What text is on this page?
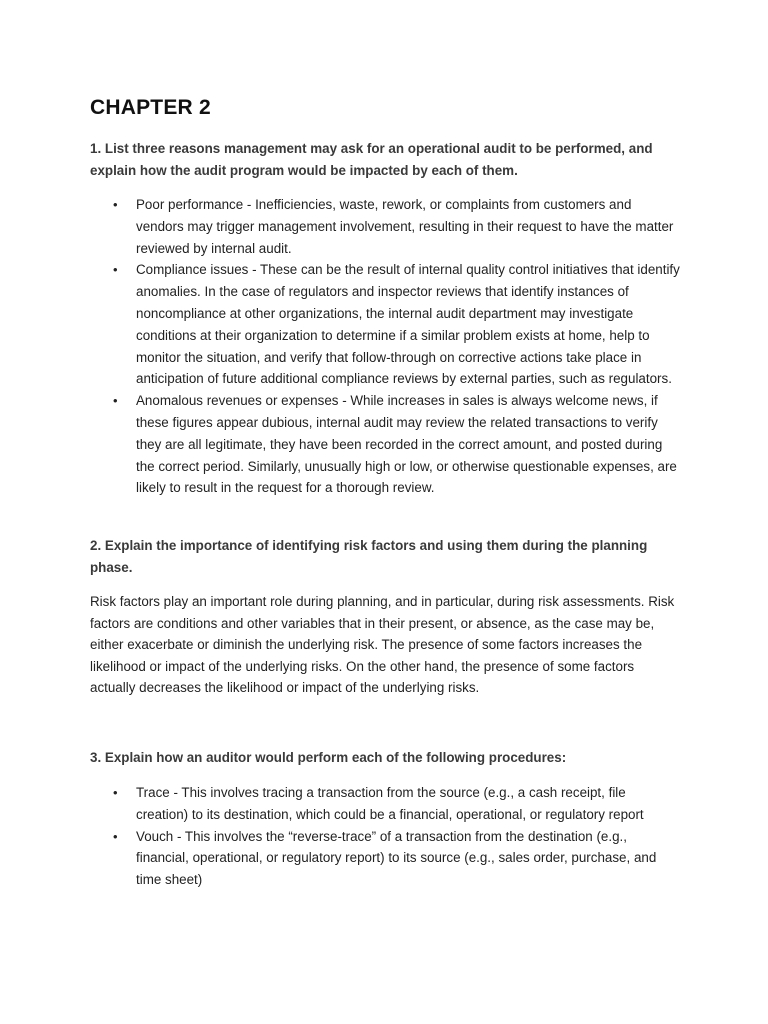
CHAPTER 2

1. List three reasons management may ask for an operational audit to be performed, and explain how the audit program would be impacted by each of them.

• Poor performance - Inefficiencies, waste, rework, or complaints from customers and vendors may trigger management involvement, resulting in their request to have the matter reviewed by internal audit.
• Compliance issues - These can be the result of internal quality control initiatives that identify anomalies. In the case of regulators and inspector reviews that identify instances of noncompliance at other organizations, the internal audit department may investigate conditions at their organization to determine if a similar problem exists at home, help to monitor the situation, and verify that follow-through on corrective actions take place in anticipation of future additional compliance reviews by external parties, such as regulators.
• Anomalous revenues or expenses - While increases in sales is always welcome news, if these figures appear dubious, internal audit may review the related transactions to verify they are all legitimate, they have been recorded in the correct amount, and posted during the correct period. Similarly, unusually high or low, or otherwise questionable expenses, are likely to result in the request for a thorough review.

2. Explain the importance of identifying risk factors and using them during the planning phase.

Risk factors play an important role during planning, and in particular, during risk assessments. Risk factors are conditions and other variables that in their present, or absence, as the case may be, either exacerbate or diminish the underlying risk. The presence of some factors increases the likelihood or impact of the underlying risks. On the other hand, the presence of some factors actually decreases the likelihood or impact of the underlying risks.

3. Explain how an auditor would perform each of the following procedures:

• Trace - This involves tracing a transaction from the source (e.g., a cash receipt, file creation) to its destination, which could be a financial, operational, or regulatory report
• Vouch - This involves the “reverse-trace” of a transaction from the destination (e.g., financial, operational, or regulatory report) to its source (e.g., sales order, purchase, and time sheet)
